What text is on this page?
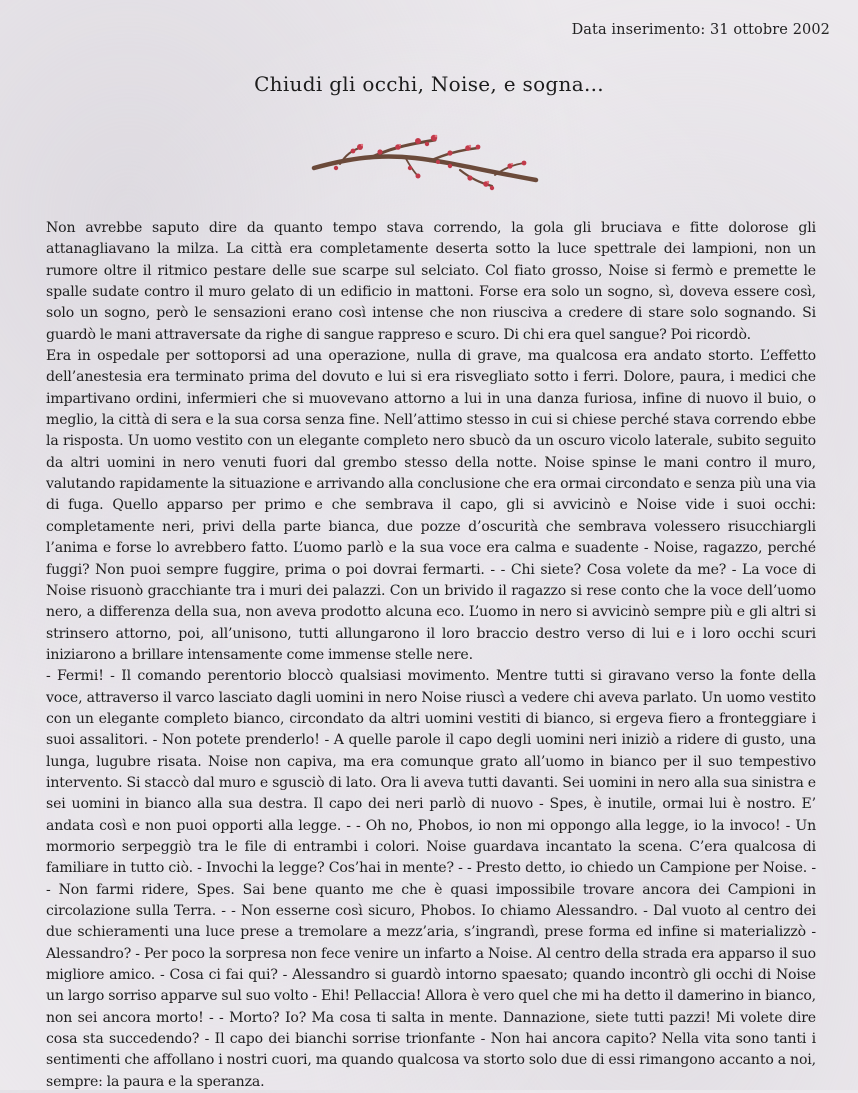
Data inserimento: 31 ottobre 2002
Chiudi gli occhi, Noise, e sogna...

Non avrebbe saputo dire da quanto tempo stava correndo, la gola gli bruciava e fitte dolorose gli attanagliavano la milza. La città era completamente deserta sotto la luce spettrale dei lampioni, non un rumore oltre il ritmico pestare delle sue scarpe sul selciato. Col fiato grosso, Noise si fermò e premette le spalle sudate contro il muro gelato di un edificio in mattoni. Forse era solo un sogno, sì, doveva essere così, solo un sogno, però le sensazioni erano così intense che non riusciva a credere di stare solo sognando. Si guardò le mani attraversate da righe di sangue rappreso e scuro. Di chi era quel sangue? Poi ricordò.

Era in ospedale per sottoporsi ad una operazione, nulla di grave, ma qualcosa era andato storto. L’effetto dell’anestesia era terminato prima del dovuto e lui si era risvegliato sotto i ferri. Dolore, paura, i medici che impartivano ordini, infermieri che si muovevano attorno a lui in una danza furiosa, infine di nuovo il buio, o meglio, la città di sera e la sua corsa senza fine. Nell’attimo stesso in cui si chiese perché stava correndo ebbe la risposta. Un uomo vestito con un elegante completo nero sbucò da un oscuro vicolo laterale, subito seguito da altri uomini in nero venuti fuori dal grembo stesso della notte. Noise spinse le mani contro il muro, valutando rapidamente la situazione e arrivando alla conclusione che era ormai circondato e senza più una via di fuga. Quello apparso per primo e che sembrava il capo, gli si avvicinò e Noise vide i suoi occhi: completamente neri, privi della parte bianca, due pozze d’oscurità che sembrava volessero risucchiargli l’anima e forse lo avrebbero fatto. L’uomo parlò e la sua voce era calma e suadente - Noise, ragazzo, perché fuggi? Non puoi sempre fuggire, prima o poi dovrai fermarti. - - Chi siete? Cosa volete da me? - La voce di Noise risuonò gracchiante tra i muri dei palazzi. Con un brivido il ragazzo si rese conto che la voce dell’uomo nero, a differenza della sua, non aveva prodotto alcuna eco. L’uomo in nero si avvicinò sempre più e gli altri si strinsero attorno, poi, all’unisono, tutti allungarono il loro braccio destro verso di lui e i loro occhi scuri iniziarono a brillare intensamente come immense stelle nere.

- Fermi! - Il comando perentorio bloccò qualsiasi movimento. Mentre tutti si giravano verso la fonte della voce, attraverso il varco lasciato dagli uomini in nero Noise riuscì a vedere chi aveva parlato. Un uomo vestito con un elegante completo bianco, circondato da altri uomini vestiti di bianco, si ergeva fiero a fronteggiare i suoi assalitori. - Non potete prenderlo! - A quelle parole il capo degli uomini neri iniziò a ridere di gusto, una lunga, lugubre risata. Noise non capiva, ma era comunque grato all’uomo in bianco per il suo tempestivo intervento. Si staccò dal muro e sgusciò di lato. Ora li aveva tutti davanti. Sei uomini in nero alla sua sinistra e sei uomini in bianco alla sua destra. Il capo dei neri parlò di nuovo - Spes, è inutile, ormai lui è nostro. E’ andata così e non puoi opporti alla legge. - - Oh no, Phobos, io non mi oppongo alla legge, io la invoco! - Un mormorio serpeggiò tra le file di entrambi i colori. Noise guardava incantato la scena. C’era qualcosa di familiare in tutto ciò. - Invochi la legge? Cos’hai in mente? - - Presto detto, io chiedo un Campione per Noise. - - Non farmi ridere, Spes. Sai bene quanto me che è quasi impossibile trovare ancora dei Campioni in circolazione sulla Terra. - - Non esserne così sicuro, Phobos. Io chiamo Alessandro. - Dal vuoto al centro dei due schieramenti una luce prese a tremolare a mezz’aria, s’ingrandì, prese forma ed infine si materializzò - Alessandro? - Per poco la sorpresa non fece venire un infarto a Noise. Al centro della strada era apparso il suo migliore amico. - Cosa ci fai qui? - Alessandro si guardò intorno spaesato; quando incontrò gli occhi di Noise un largo sorriso apparve sul suo volto - Ehi! Pellaccia! Allora è vero quel che mi ha detto il damerino in bianco, non sei ancora morto! - - Morto? Io? Ma cosa ti salta in mente. Dannazione, siete tutti pazzi! Mi volete dire cosa sta succedendo? - Il capo dei bianchi sorrise trionfante - Non hai ancora capito? Nella vita sono tanti i sentimenti che affollano i nostri cuori, ma quando qualcosa va storto solo due di essi rimangono accanto a noi, sempre: la paura e la speranza.
